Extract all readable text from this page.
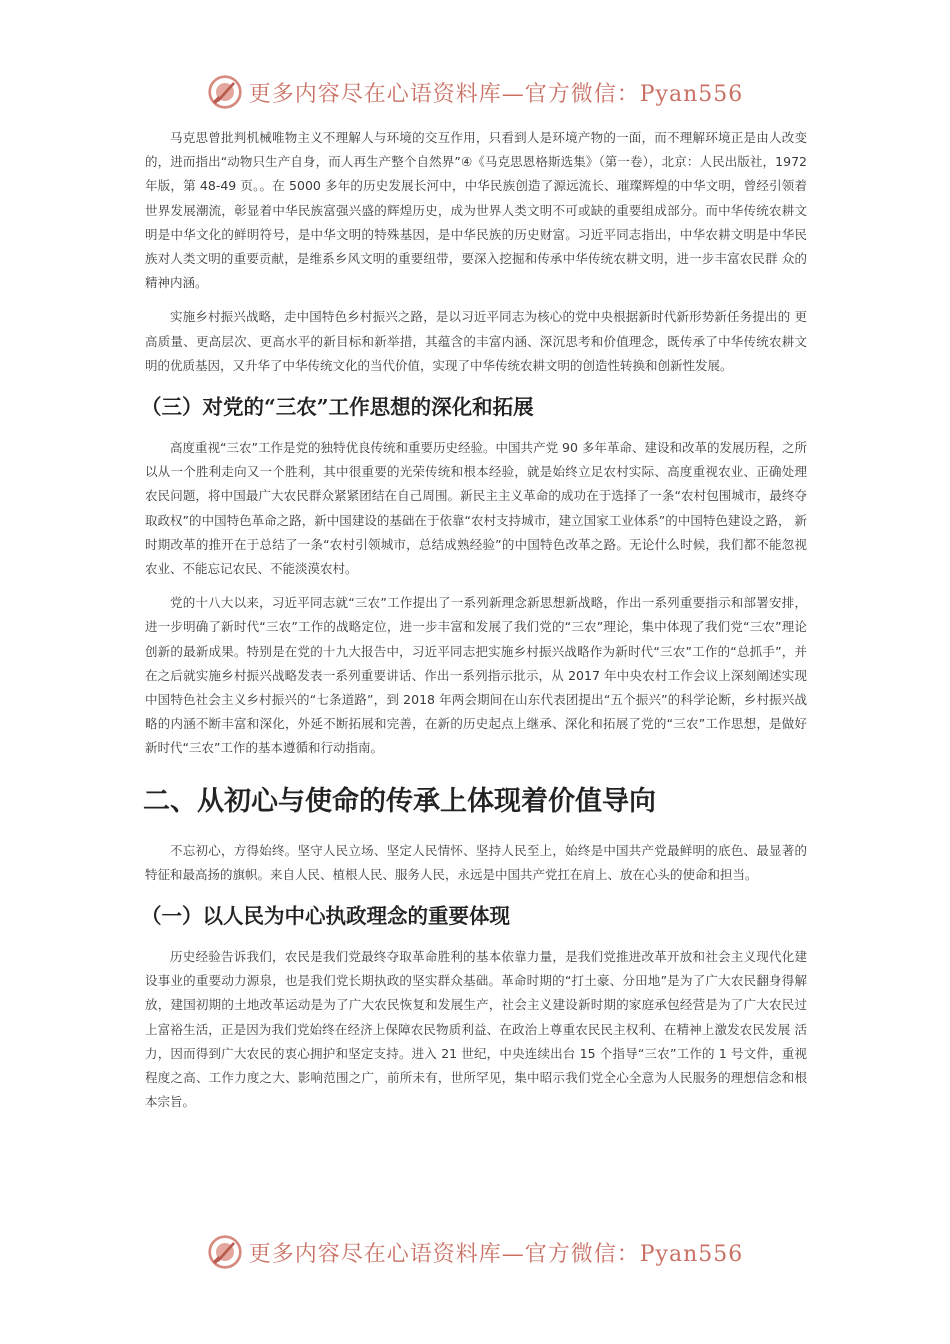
更多内容尽在心语资料库—官方微信：Pyan556

马克思曾批判机械唯物主义不理解人与环境的交互作用，只看到人是环境产物的一面，而不理解环境正是由人改变的，进而指出“动物只生产自身，而人再生产整个自然界”④《马克思恩格斯选集》（第一卷），北京：人民出版社，1972 年版，第 48-49 页。。在 5000 多年的历史发展长河中，中华民族创造了源远流长、璀璨辉煌的中华文明，曾经引领着世界发展潮流，彰显着中华民族富强兴盛的辉煌历史，成为世界人类文明不可或缺的重要组成部分。而中华传统农耕文明是中华文化的鲜明符号，是中华文明的特殊基因，是中华民族的历史财富。习近平同志指出，中华农耕文明是中华民族对人类文明的重要贡献，是维系乡风文明的重要纽带，要深入挖掘和传承中华传统农耕文明，进一步丰富农民群 众的精神内涵。

实施乡村振兴战略，走中国特色乡村振兴之路，是以习近平同志为核心的党中央根据新时代新形势新任务提出的 更高质量、更高层次、更高水平的新目标和新举措，其蕴含的丰富内涵、深沉思考和价值理念，既传承了中华传统农耕文明的优质基因，又升华了中华传统文化的当代价值，实现了中华传统农耕文明的创造性转换和创新性发展。

（三）对党的“三农”工作思想的深化和拓展

高度重视“三农”工作是党的独特优良传统和重要历史经验。中国共产党 90 多年革命、建设和改革的发展历程，之所以从一个胜利走向又一个胜利，其中很重要的光荣传统和根本经验，就是始终立足农村实际、高度重视农业、正确处理农民问题，将中国最广大农民群众紧紧团结在自己周围。新民主主义革命的成功在于选择了一条“农村包围城市，最终夺取政权”的中国特色革命之路，新中国建设的基础在于依靠“农村支持城市，建立国家工业体系”的中国特色建设之路， 新时期改革的推开在于总结了一条“农村引领城市，总结成熟经验”的中国特色改革之路。无论什么时候，我们都不能忽视农业、不能忘记农民、不能淡漠农村。

党的十八大以来，习近平同志就“三农”工作提出了一系列新理念新思想新战略，作出一系列重要指示和部署安排，进一步明确了新时代“三农”工作的战略定位，进一步丰富和发展了我们党的“三农”理论，集中体现了我们党“三农”理论创新的最新成果。特别是在党的十九大报告中，习近平同志把实施乡村振兴战略作为新时代“三农”工作的“总抓手”，并在之后就实施乡村振兴战略发表一系列重要讲话、作出一系列指示批示，从 2017 年中央农村工作会议上深刻阐述实现中国特色社会主义乡村振兴的“七条道路”，到 2018 年两会期间在山东代表团提出“五个振兴”的科学论断，乡村振兴战略的内涵不断丰富和深化，外延不断拓展和完善，在新的历史起点上继承、深化和拓展了党的“三农”工作思想，是做好新时代“三农”工作的基本遵循和行动指南。

二、从初心与使命的传承上体现着价值导向

不忘初心，方得始终。坚守人民立场、坚定人民情怀、坚持人民至上，始终是中国共产党最鲜明的底色、最显著的特征和最高扬的旗帜。来自人民、植根人民、服务人民，永远是中国共产党扛在肩上、放在心头的使命和担当。

（一）以人民为中心执政理念的重要体现

历史经验告诉我们，农民是我们党最终夺取革命胜利的基本依靠力量，是我们党推进改革开放和社会主义现代化建设事业的重要动力源泉，也是我们党长期执政的坚实群众基础。革命时期的“打土豪、分田地”是为了广大农民翻身得解放，建国初期的土地改革运动是为了广大农民恢复和发展生产，社会主义建设新时期的家庭承包经营是为了广大农民过上富裕生活，正是因为我们党始终在经济上保障农民物质利益、在政治上尊重农民民主权利、在精神上激发农民发展 活力，因而得到广大农民的衷心拥护和坚定支持。进入 21 世纪，中央连续出台 15 个指导“三农”工作的 1 号文件，重视程度之高、工作力度之大、影响范围之广，前所未有，世所罕见，集中昭示我们党全心全意为人民服务的理想信念和根本宗旨。

更多内容尽在心语资料库—官方微信：Pyan556
